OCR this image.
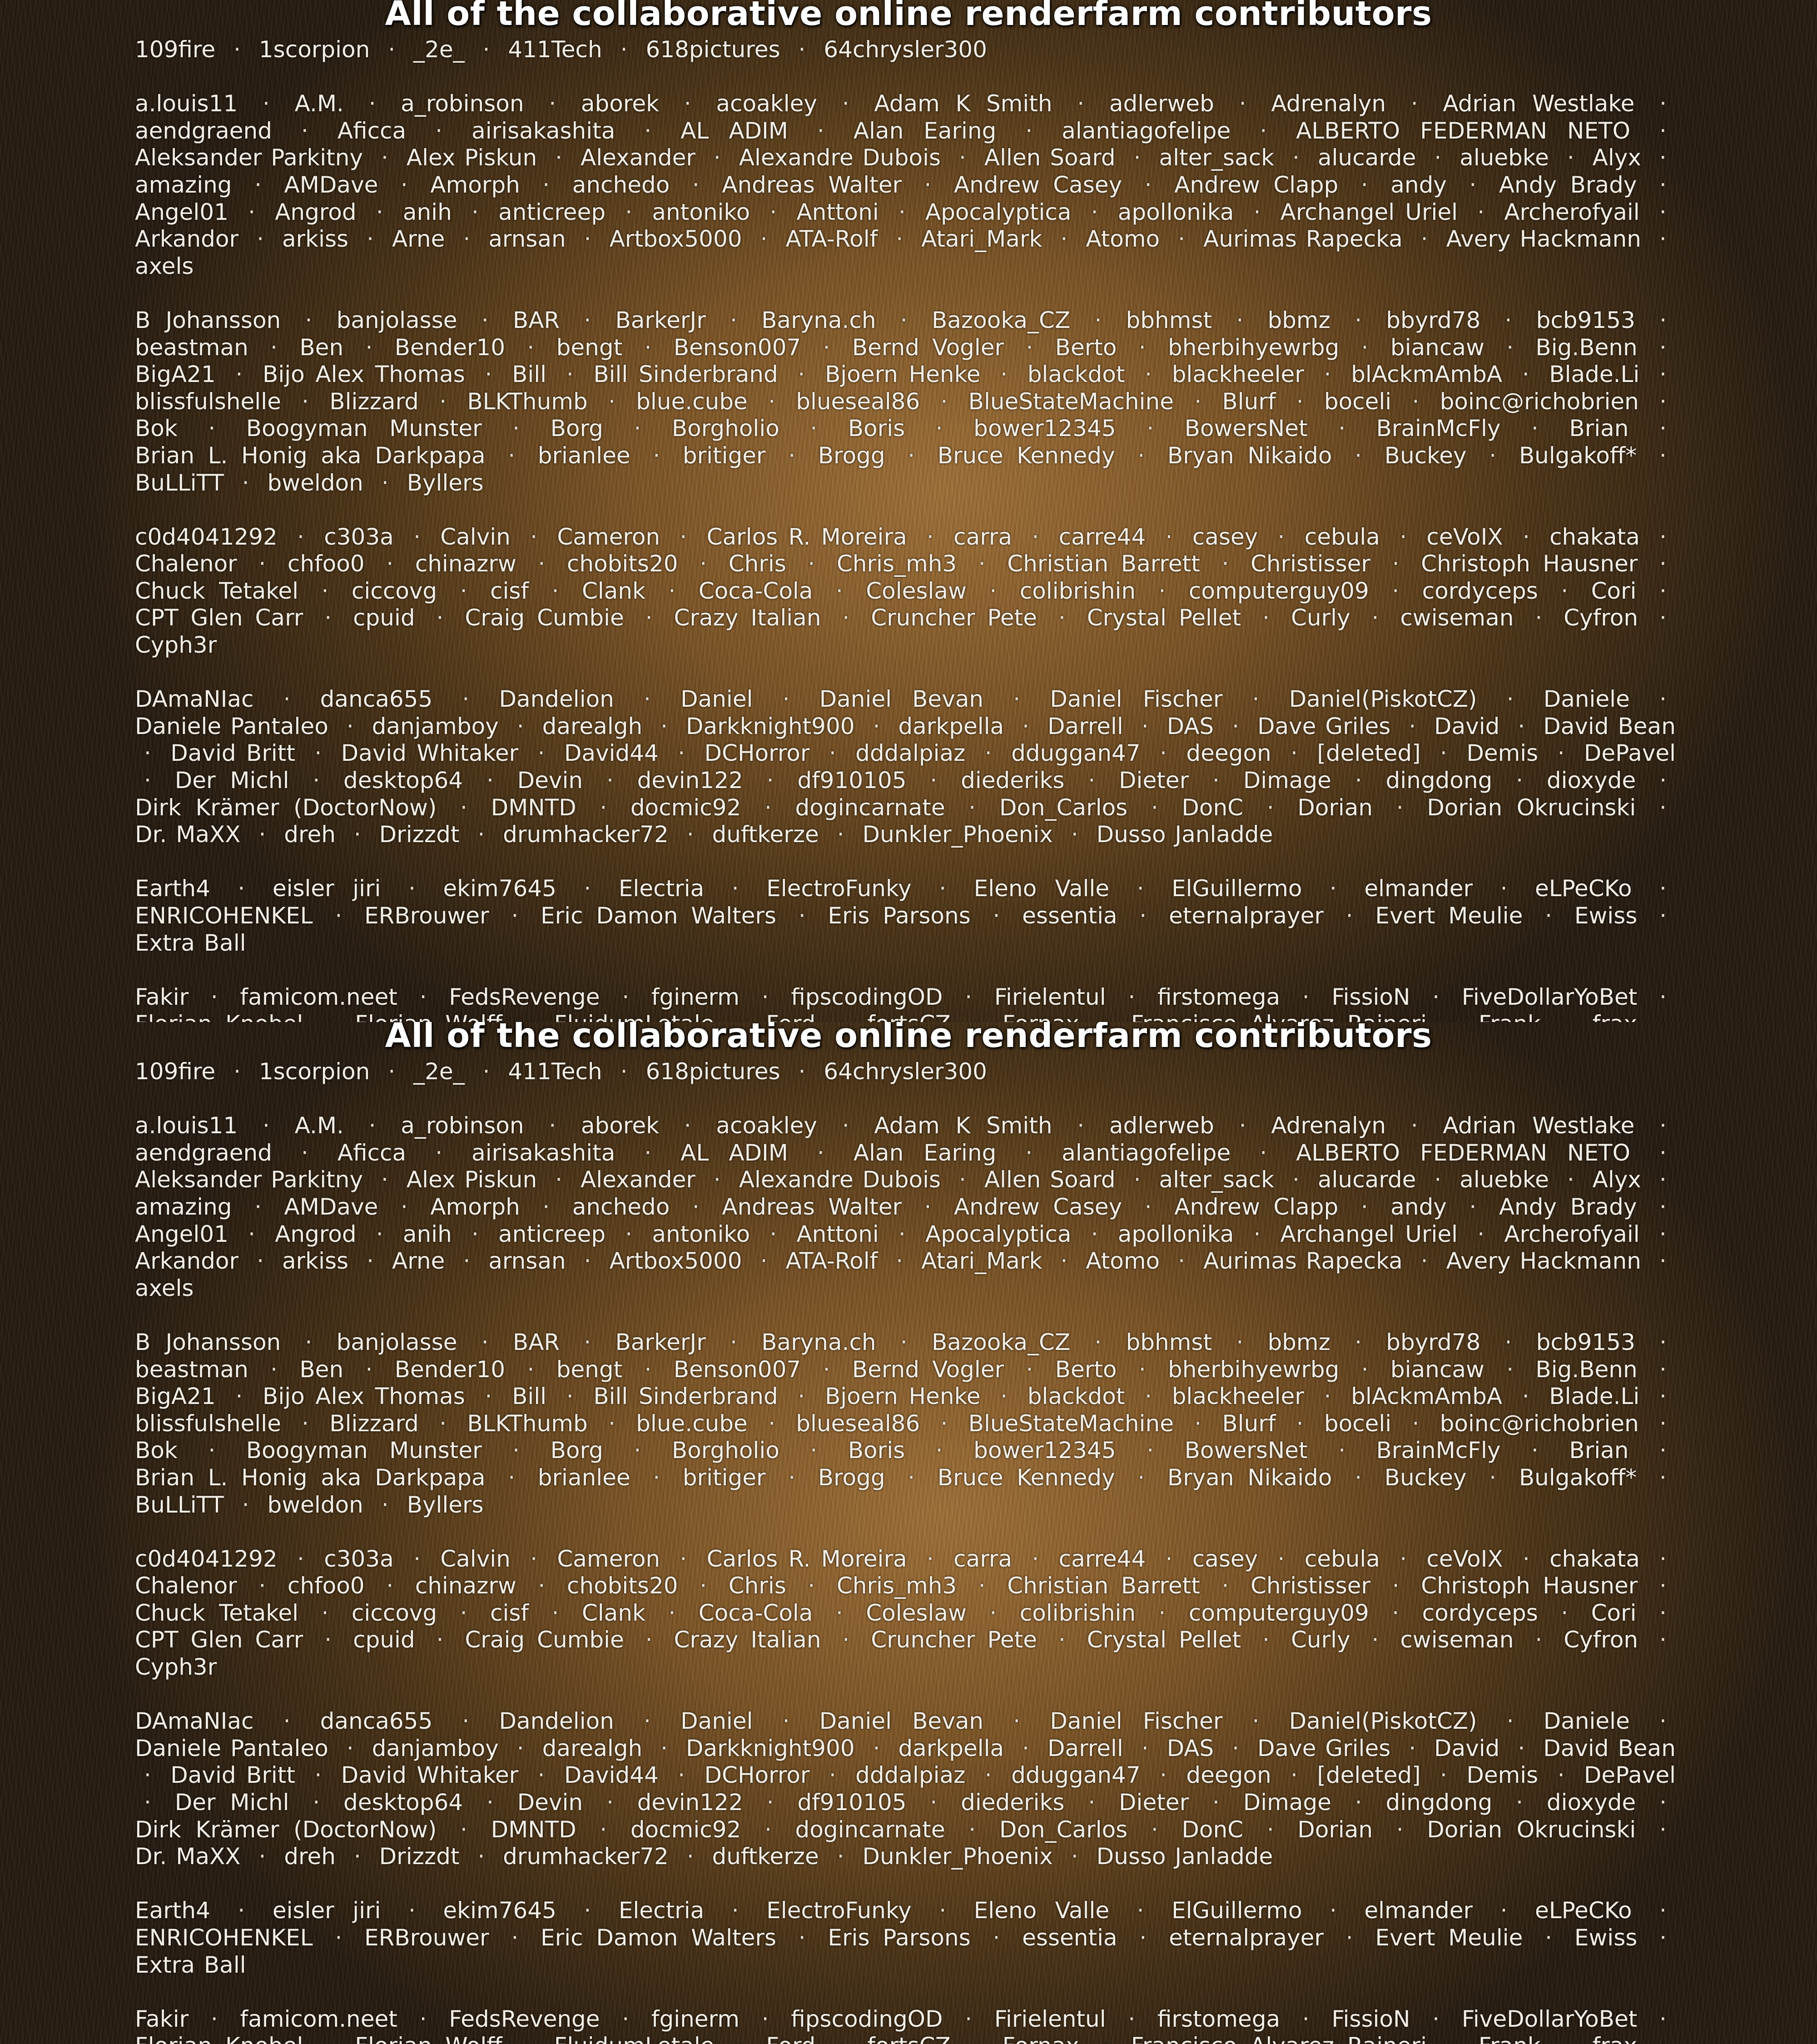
All of the collaborative online renderfarm contributors
109fire · 1scorpion · _2e_ · 411Tech · 618pictures · 64chrysler300
a.louis11 · A.M. · a_robinson · aborek · acoakley · Adam K Smith · adlerweb · Adrenalyn · Adrian Westlake · aendgraend · Aficca · airisakashita · AL ADIM · Alan Earing · alantiagofelipe · ALBERTO FEDERMAN NETO · Aleksander Parkitny · Alex Piskun · Alexander · Alexandre Dubois · Allen Soard · alter_sack · alucarde · aluebke · Alyx · amazing · AMDave · Amorph · anchedo · Andreas Walter · Andrew Casey · Andrew Clapp · andy · Andy Brady · Angel01 · Angrod · anih · anticreep · antoniko · Anttoni · Apocalyptica · apollonika · Archangel Uriel · Archerofyail · Arkandor · arkiss · Arne · arnsan · Artbox5000 · ATA-Rolf · Atari_Mark · Atomo · Aurimas Rapecka · Avery Hackmann · axels
B Johansson · banjolasse · BAR · BarkerJr · Baryna.ch · Bazooka_CZ · bbhmst · bbmz · bbyrd78 · bcb9153 · beastman · Ben · Bender10 · bengt · Benson007 · Bernd Vogler · Berto · bherbihyewrbg · biancaw · Big.Benn · BigA21 · Bijo Alex Thomas · Bill · Bill Sinderbrand · Bjoern Henke · blackdot · blackheeler · blAckmAmbA · Blade.Li · blissfulshelle · Blizzard · BLKThumb · blue.cube · blueseal86 · BlueStateMachine · Blurf · boceli · boinc@richobrien · Bok · Boogyman Munster · Borg · Borgholio · Boris · bower12345 · BowersNet · BrainMcFly · Brian · Brian L. Honig aka Darkpapa · brianlee · britiger · Brogg · Bruce Kennedy · Bryan Nikaido · Buckey · Bulgakoff* · BuLLiTT · bweldon · Byllers
c0d4041292 · c303a · Calvin · Cameron · Carlos R. Moreira · carra · carre44 · casey · cebula · ceVoIX · chakata · Chalenor · chfoo0 · chinazrw · chobits20 · Chris · Chris_mh3 · Christian Barrett · Christisser · Christoph Hausner · Chuck Tetakel · ciccovg · cisf · Clank · Coca-Cola · Coleslaw · colibrishin · computerguy09 · cordyceps · Cori · CPT Glen Carr · cpuid · Craig Cumbie · Crazy Italian · Cruncher Pete · Crystal Pellet · Curly · cwiseman · Cyfron · Cyph3r
DAmaNIac · danca655 · Dandelion · Daniel · Daniel Bevan · Daniel Fischer · Daniel(PiskotCZ) · Daniele · Daniele Pantaleo · danjamboy · darealgh · Darkknight900 · darkpella · Darrell · DAS · Dave Griles · David · David Bean · David Britt · David Whitaker · David44 · DCHorror · dddalpiaz · dduggan47 · deegon · [deleted] · Demis · DePavel · Der Michl · desktop64 · Devin · devin122 · df910105 · diederiks · Dieter · Dimage · dingdong · dioxyde · Dirk Krämer (DoctorNow) · DMNTD · docmic92 · dogincarnate · Don_Carlos · DonC · Dorian · Dorian Okrucinski · Dr. MaXX · dreh · Drizzdt · drumhacker72 · duftkerze · Dunkler_Phoenix · Dusso Janladde
Earth4 · eisler jiri · ekim7645 · Electria · ElectroFunky · Eleno Valle · ElGuillermo · elmander · eLPeCKo · ENRICOHENKEL · ERBrouwer · Eric Damon Walters · Eris Parsons · essentia · eternalprayer · Evert Meulie · Ewiss · Extra Ball
Fakir · famicom.neet · FedsRevenge · fginerm · fipscodingOD · Firielentul · firstomega · FissioN · FiveDollarYoBet ·
All of the collaborative online renderfarm contributors
109fire · 1scorpion · _2e_ · 411Tech · 618pictures · 64chrysler300
a.louis11 · A.M. · a_robinson · aborek · acoakley · Adam K Smith · adlerweb · Adrenalyn · Adrian Westlake · aendgraend · Aficca · airisakashita · AL ADIM · Alan Earing · alantiagofelipe · ALBERTO FEDERMAN NETO · Aleksander Parkitny · Alex Piskun · Alexander · Alexandre Dubois · Allen Soard · alter_sack · alucarde · aluebke · Alyx · amazing · AMDave · Amorph · anchedo · Andreas Walter · Andrew Casey · Andrew Clapp · andy · Andy Brady · Angel01 · Angrod · anih · anticreep · antoniko · Anttoni · Apocalyptica · apollonika · Archangel Uriel · Archerofyail · Arkandor · arkiss · Arne · arnsan · Artbox5000 · ATA-Rolf · Atari_Mark · Atomo · Aurimas Rapecka · Avery Hackmann · axels
B Johansson · banjolasse · BAR · BarkerJr · Baryna.ch · Bazooka_CZ · bbhmst · bbmz · bbyrd78 · bcb9153 · beastman · Ben · Bender10 · bengt · Benson007 · Bernd Vogler · Berto · bherbihyewrbg · biancaw · Big.Benn · BigA21 · Bijo Alex Thomas · Bill · Bill Sinderbrand · Bjoern Henke · blackdot · blackheeler · blAckmAmbA · Blade.Li · blissfulshelle · Blizzard · BLKThumb · blue.cube · blueseal86 · BlueStateMachine · Blurf · boceli · boinc@richobrien · Bok · Boogyman Munster · Borg · Borgholio · Boris · bower12345 · BowersNet · BrainMcFly · Brian · Brian L. Honig aka Darkpapa · brianlee · britiger · Brogg · Bruce Kennedy · Bryan Nikaido · Buckey · Bulgakoff* · BuLLiTT · bweldon · Byllers
c0d4041292 · c303a · Calvin · Cameron · Carlos R. Moreira · carra · carre44 · casey · cebula · ceVoIX · chakata · Chalenor · chfoo0 · chinazrw · chobits20 · Chris · Chris_mh3 · Christian Barrett · Christisser · Christoph Hausner · Chuck Tetakel · ciccovg · cisf · Clank · Coca-Cola · Coleslaw · colibrishin · computerguy09 · cordyceps · Cori · CPT Glen Carr · cpuid · Craig Cumbie · Crazy Italian · Cruncher Pete · Crystal Pellet · Curly · cwiseman · Cyfron · Cyph3r
DAmaNIac · danca655 · Dandelion · Daniel · Daniel Bevan · Daniel Fischer · Daniel(PiskotCZ) · Daniele · Daniele Pantaleo · danjamboy · darealgh · Darkknight900 · darkpella · Darrell · DAS · Dave Griles · David · David Bean · David Britt · David Whitaker · David44 · DCHorror · dddalpiaz · dduggan47 · deegon · [deleted] · Demis · DePavel · Der Michl · desktop64 · Devin · devin122 · df910105 · diederiks · Dieter · Dimage · dingdong · dioxyde · Dirk Krämer (DoctorNow) · DMNTD · docmic92 · dogincarnate · Don_Carlos · DonC · Dorian · Dorian Okrucinski · Dr. MaXX · dreh · Drizzdt · drumhacker72 · duftkerze · Dunkler_Phoenix · Dusso Janladde
Earth4 · eisler jiri · ekim7645 · Electria · ElectroFunky · Eleno Valle · ElGuillermo · elmander · eLPeCKo · ENRICOHENKEL · ERBrouwer · Eric Damon Walters · Eris Parsons · essentia · eternalprayer · Evert Meulie · Ewiss · Extra Ball
Fakir · famicom.neet · FedsRevenge · fginerm · fipscodingOD · Firielentul · firstomega · FissioN · FiveDollarYoBet ·
